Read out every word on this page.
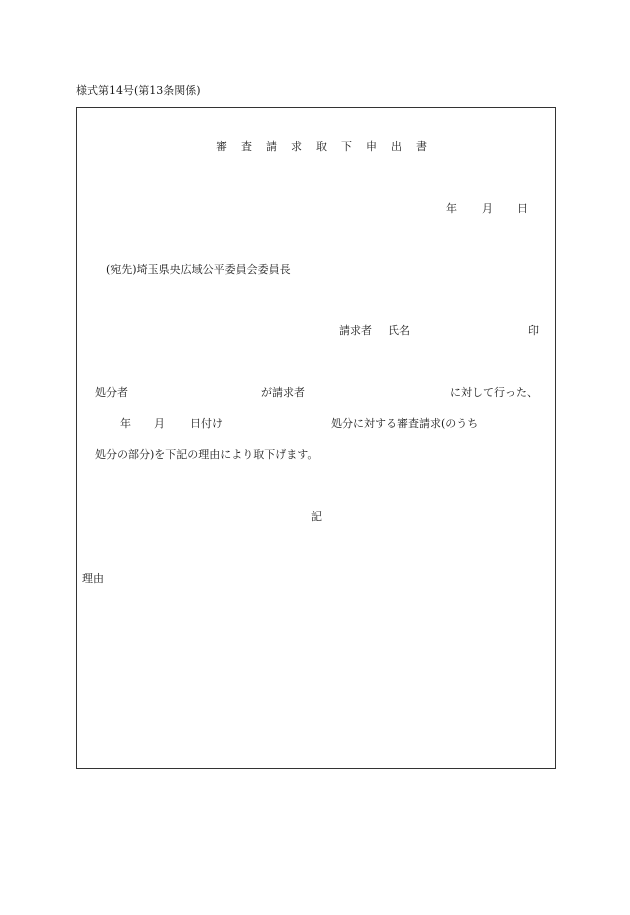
様式第14号(第13条関係)
審 査 請 求 取 下 申 出 書
年 月 日
(宛先)埼玉県央広域公平委員会委員長
請求者 氏名	印
処分者	が請求者	に対して行った、
年 月 日付け	処分に対する審査請求(のうち
処分の部分)を下記の理由により取下げます。
記
理由
